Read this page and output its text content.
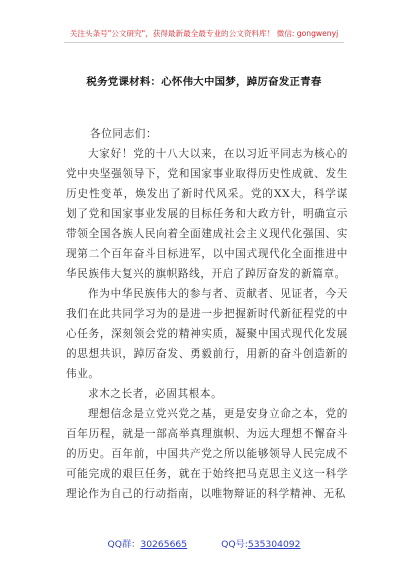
关注头条号"公文研究"，获得最新最全最专业的公文资料库！ 微信: gongwenyj
税务党课材料：心怀伟大中国梦，踔厉奋发正青春

各位同志们：

大家好！党的十八大以来，在以习近平同志为核心的党中央坚强领导下，党和国家事业取得历史性成就、发生历史性变革，焕发出了新时代风采。党的XX大，科学谋划了党和国家事业发展的目标任务和大政方针，明确宣示带领全国各族人民向着全面建成社会主义现代化强国、实现第二个百年奋斗目标进军，以中国式现代化全面推进中华民族伟大复兴的旗帜路线，开启了踔厉奋发的新篇章。

作为中华民族伟大的参与者、贡献者、见证者，今天我们在此共同学习为的是进一步把握新时代新征程党的中心任务，深刻领会党的精神实质，凝聚中国式现代化发展的思想共识，踔厉奋发、勇毅前行，用新的奋斗创造新的伟业。

求木之长者，必固其根本。

理想信念是立党兴党之基，更是安身立命之本，党的百年历程，就是一部高举真理旗帜、为远大理想不懈奋斗的历史。百年前，中国共产党之所以能够领导人民完成不可能完成的艰巨任务，就在于始终把马克思主义这一科学理论作为自己的行动指南，以唯物辩证的科学精神、无私

QQ群：30265665	QQ号:535304092
